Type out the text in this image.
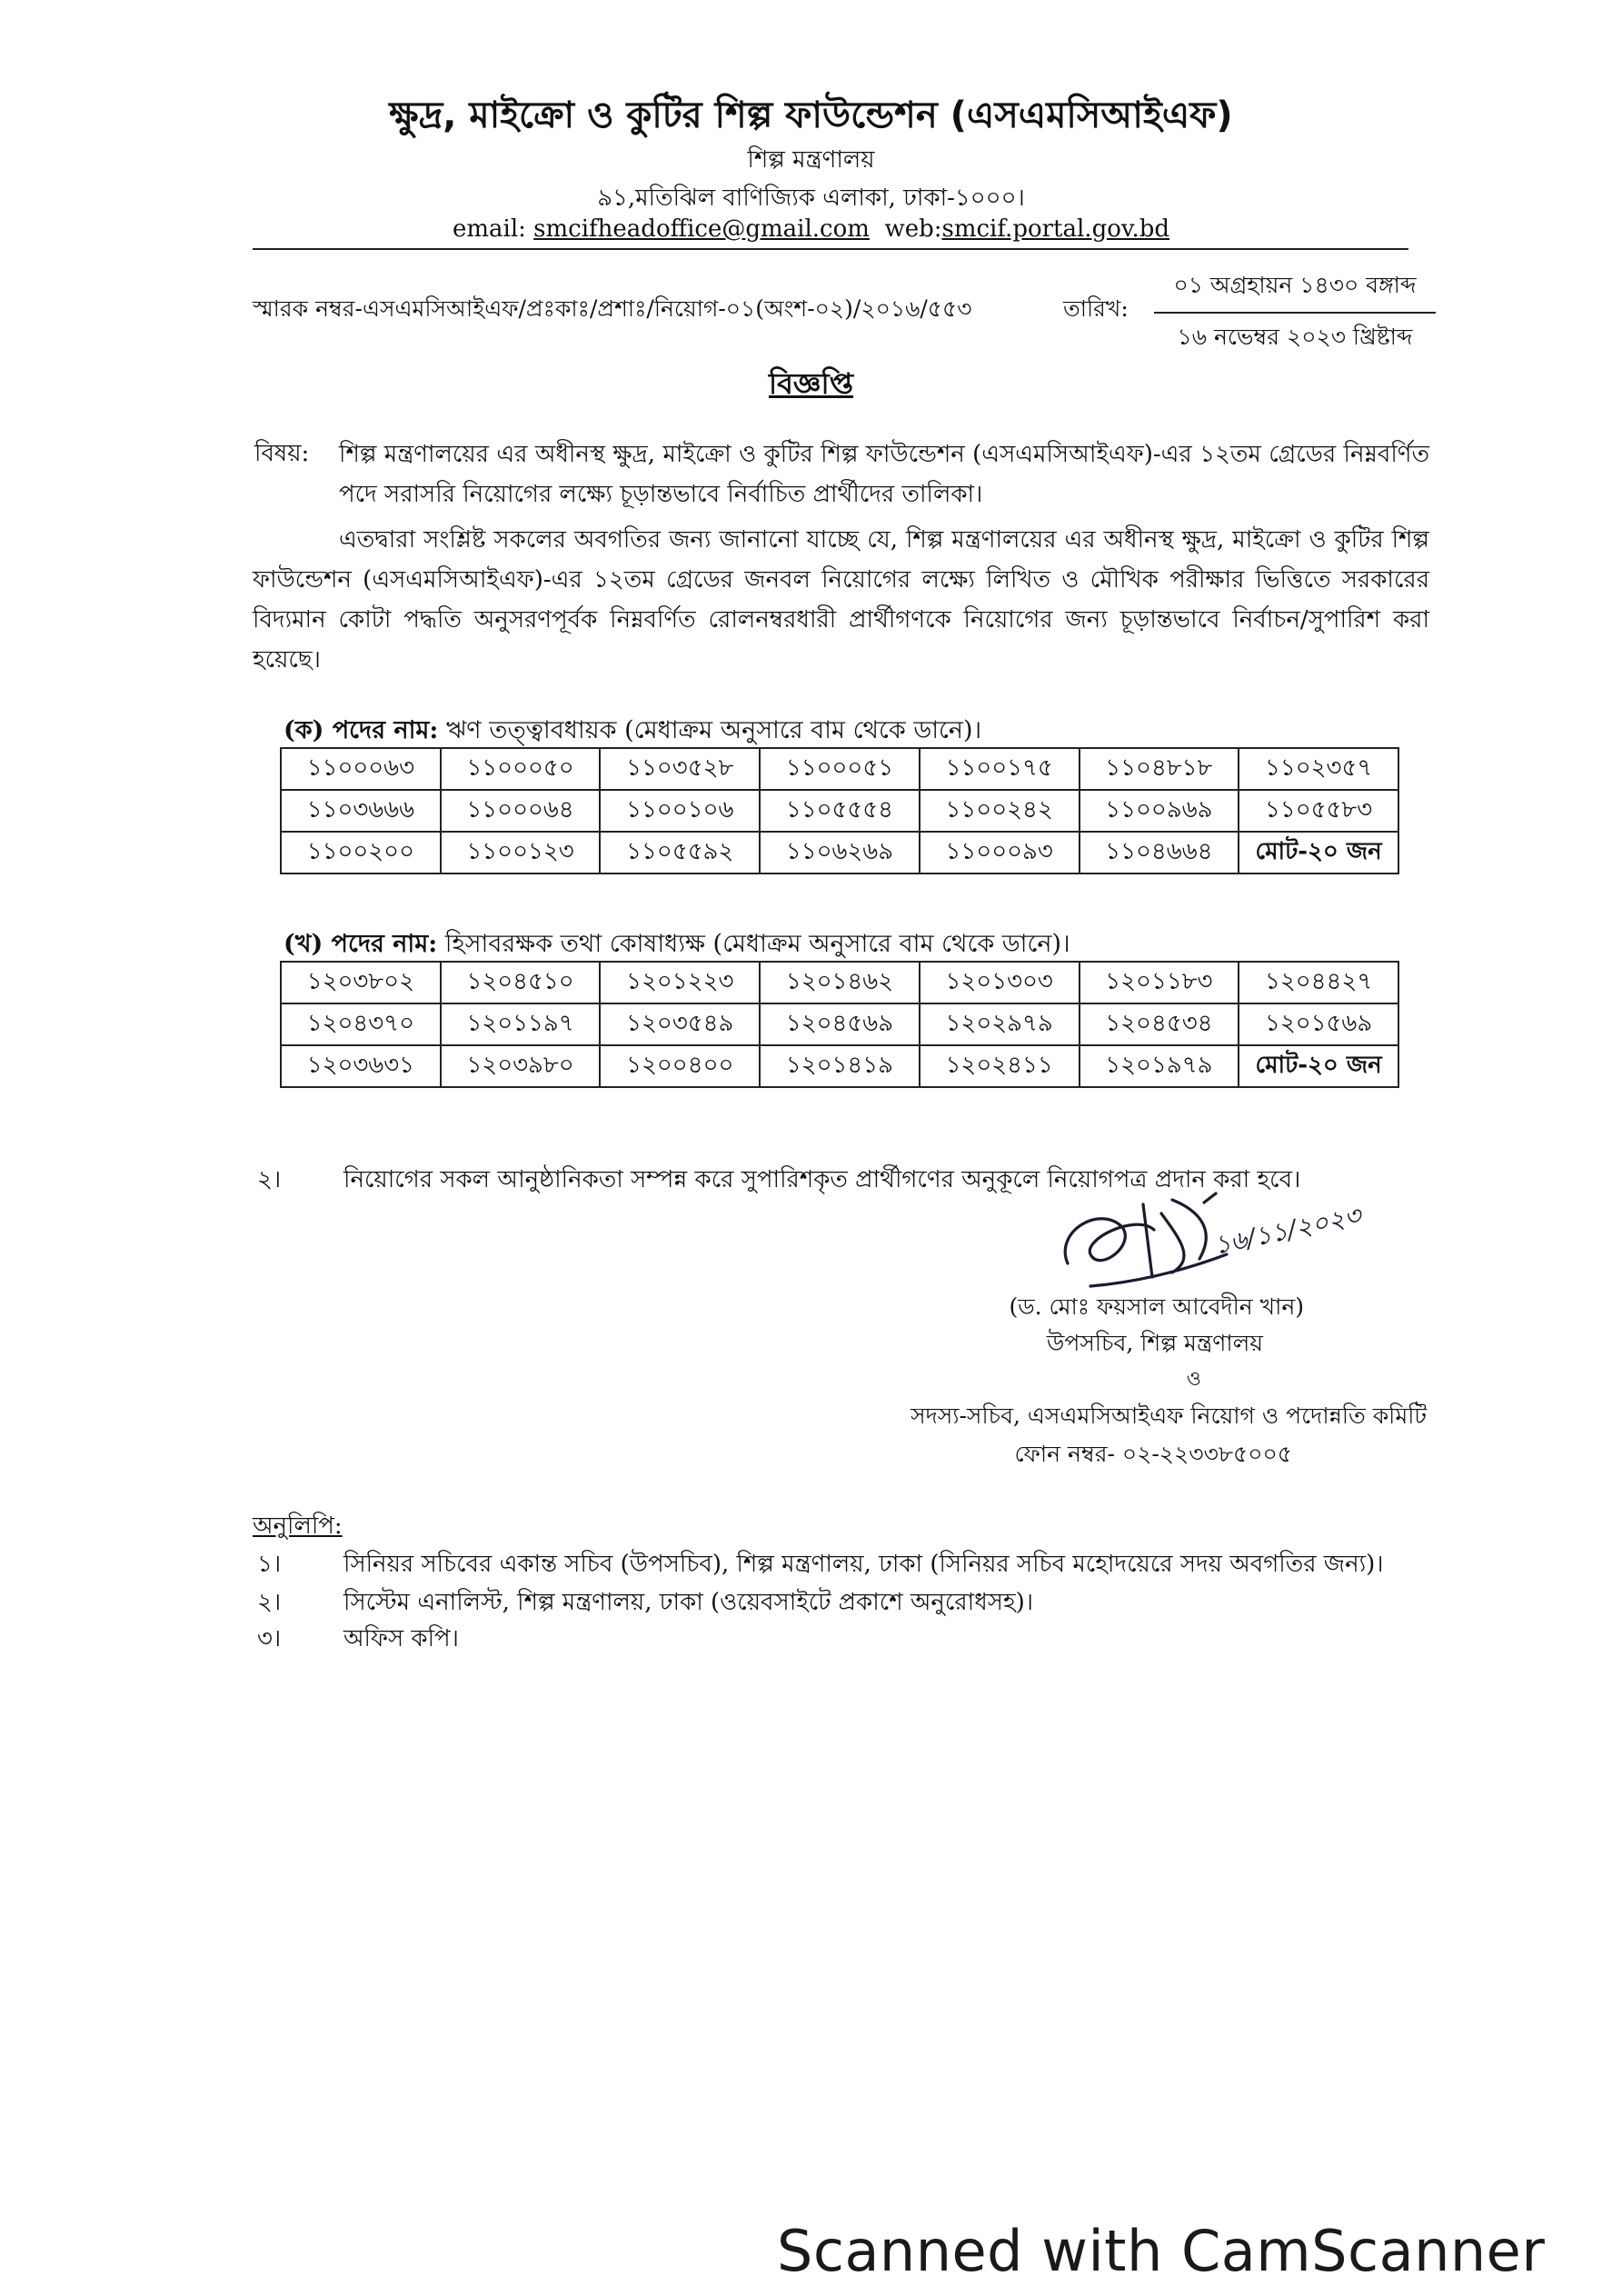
ক্ষুদ্র, মাইক্রো ও কুটির শিল্প ফাউন্ডেশন (এসএমসিআইএফ)
শিল্প মন্ত্রণালয়
৯১,মতিঝিল বাণিজ্যিক এলাকা, ঢাকা-১০০০।
email: smcifheadoffice@gmail.com web:smcif.portal.gov.bd
স্মারক নম্বর-এসএমসিআইএফ/প্রঃকাঃ/প্রশাঃ/নিয়োগ-০১(অংশ-০২)/২০১৬/৫৫৩	তারিখ:
০১ অগ্রহায়ন ১৪৩০ বঙ্গাব্দ
১৬ নভেম্বর ২০২৩ খ্রিষ্টাব্দ
বিজ্ঞপ্তি
বিষয়: শিল্প মন্ত্রণালয়ের এর অধীনস্থ ক্ষুদ্র, মাইক্রো ও কুটির শিল্প ফাউন্ডেশন (এসএমসিআইএফ)-এর ১২তম গ্রেডের নিম্নবর্ণিত পদে সরাসরি নিয়োগের লক্ষ্যে চূড়ান্তভাবে নির্বাচিত প্রার্থীদের তালিকা।
এতদ্বারা সংশ্লিষ্ট সকলের অবগতির জন্য জানানো যাচ্ছে যে, শিল্প মন্ত্রণালয়ের এর অধীনস্থ ক্ষুদ্র, মাইক্রো ও কুটির শিল্প ফাউন্ডেশন (এসএমসিআইএফ)-এর ১২তম গ্রেডের জনবল নিয়োগের লক্ষ্যে লিখিত ও মৌখিক পরীক্ষার ভিত্তিতে সরকারের বিদ্যমান কোটা পদ্ধতি অনুসরণপূর্বক নিম্নবর্ণিত রোলনম্বরধারী প্রার্থীগণকে নিয়োগের জন্য চূড়ান্তভাবে নির্বাচন/সুপারিশ করা হয়েছে।
(ক) পদের নাম: ঋণ তত্ত্বাবধায়ক (মেধাক্রম অনুসারে বাম থেকে ডানে)।
১১০০০৬৩	১১০০০৫০	১১০৩৫২৮	১১০০০৫১	১১০০১৭৫	১১০৪৮১৮	১১০২৩৫৭
১১০৩৬৬৬	১১০০০৬৪	১১০০১০৬	১১০৫৫৫৪	১১০০২৪২	১১০০৯৬৯	১১০৫৫৮৩
১১০০২০০	১১০০১২৩	১১০৫৫৯২	১১০৬২৬৯	১১০০০৯৩	১১০৪৬৬৪	মোট-২০ জন
(খ) পদের নাম: হিসাবরক্ষক তথা কোষাধ্যক্ষ (মেধাক্রম অনুসারে বাম থেকে ডানে)।
১২০৩৮০২	১২০৪৫১০	১২০১২২৩	১২০১৪৬২	১২০১৩০৩	১২০১১৮৩	১২০৪৪২৭
১২০৪৩৭০	১২০১১৯৭	১২০৩৫৪৯	১২০৪৫৬৯	১২০২৯৭৯	১২০৪৫৩৪	১২০১৫৬৯
১২০৩৬৩১	১২০৩৯৮০	১২০০৪০০	১২০১৪১৯	১২০২৪১১	১২০১৯৭৯	মোট-২০ জন
২।	নিয়োগের সকল আনুষ্ঠানিকতা সম্পন্ন করে সুপারিশকৃত প্রার্থীগণের অনুকূলে নিয়োগপত্র প্রদান করা হবে।
১৬/১১/২০২৩
(ড. মোঃ ফয়সাল আবেদীন খান)
উপসচিব, শিল্প মন্ত্রণালয়
ও
সদস্য-সচিব, এসএমসিআইএফ নিয়োগ ও পদোন্নতি কমিটি
ফোন নম্বর- ০২-২২৩৩৮৫০০৫
অনুলিপি:
১।	সিনিয়র সচিবের একান্ত সচিব (উপসচিব), শিল্প মন্ত্রণালয়, ঢাকা (সিনিয়র সচিব মহোদয়েরে সদয় অবগতির জন্য)।
২।	সিস্টেম এনালিস্ট, শিল্প মন্ত্রণালয়, ঢাকা (ওয়েবসাইটে প্রকাশে অনুরোধসহ)।
৩।	অফিস কপি।
Scanned with CamScanner
